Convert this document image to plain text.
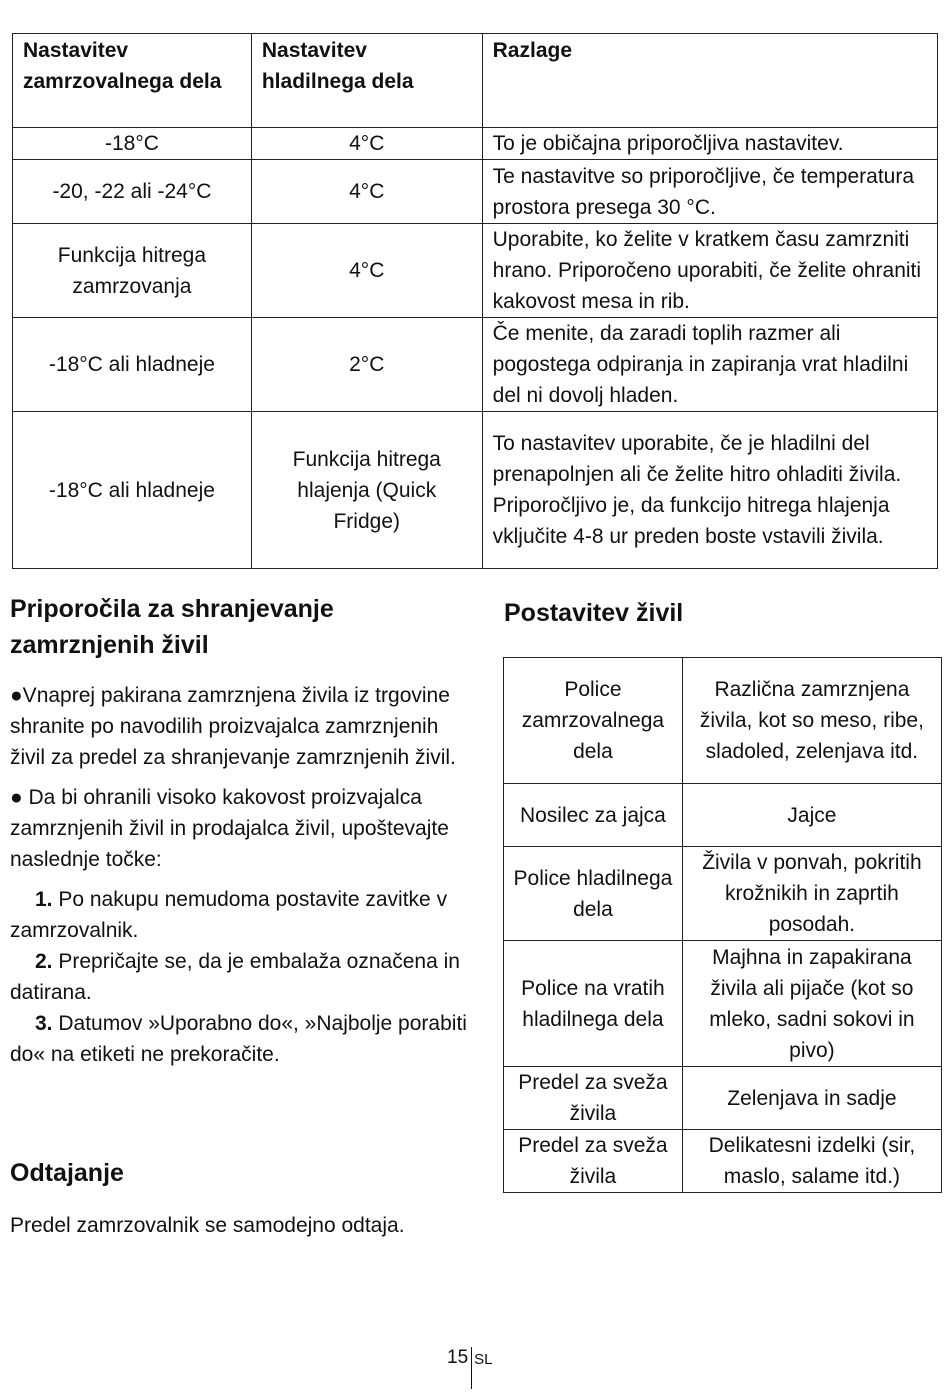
Nastavitev zamrzovalnega dela	Nastavitev hladilnega dela	Razlage
-18°C	4°C	To je običajna priporočljiva nastavitev.
-20, -22 ali -24°C	4°C	Te nastavitve so priporočljive, če temperatura prostora presega 30 °C.
Funkcija hitrega zamrzovanja	4°C	Uporabite, ko želite v kratkem času zamrzniti hrano. Priporočeno uporabiti, če želite ohraniti kakovost mesa in rib.
-18°C ali hladneje	2°C	Če menite, da zaradi toplih razmer ali pogostega odpiranja in zapiranja vrat hladilni del ni dovolj hladen.
-18°C ali hladneje	Funkcija hitrega hlajenja (Quick Fridge)	To nastavitev uporabite, če je hladilni del prenapolnjen ali če želite hitro ohladiti živila. Priporočljivo je, da funkcijo hitrega hlajenja vključite 4-8 ur preden boste vstavili živila.
Priporočila za shranjevanje zamrznjenih živil

●Vnaprej pakirana zamrznjena živila iz trgovine shranite po navodilih proizvajalca zamrznjenih živil za predel za shranjevanje zamrznjenih živil.

● Da bi ohranili visoko kakovost proizvajalca zamrznjenih živil in prodajalca živil, upoštevajte naslednje točke:

1. Po nakupu nemudoma postavite zavitke v zamrzovalnik.

2. Prepričajte se, da je embalaža označena in datirana.

3. Datumov »Uporabno do«, »Najbolje porabiti do« na etiketi ne prekoračite.

Odtajanje

Predel zamrzovalnik se samodejno odtaja.

Postavitev živil
Police zamrzovalnega dela	Različna zamrznjena živila, kot so meso, ribe, sladoled, zelenjava itd.
Nosilec za jajca	Jajce
Police hladilnega dela	Živila v ponvah, pokritih krožnikih in zaprtih posodah.
Police na vratih hladilnega dela	Majhna in zapakirana živila ali pijače (kot so mleko, sadni sokovi in pivo)
Predel za sveža živila	Zelenjava in sadje
Predel za sveža živila	Delikatesni izdelki (sir, maslo, salame itd.)
15 $^{SL}$
